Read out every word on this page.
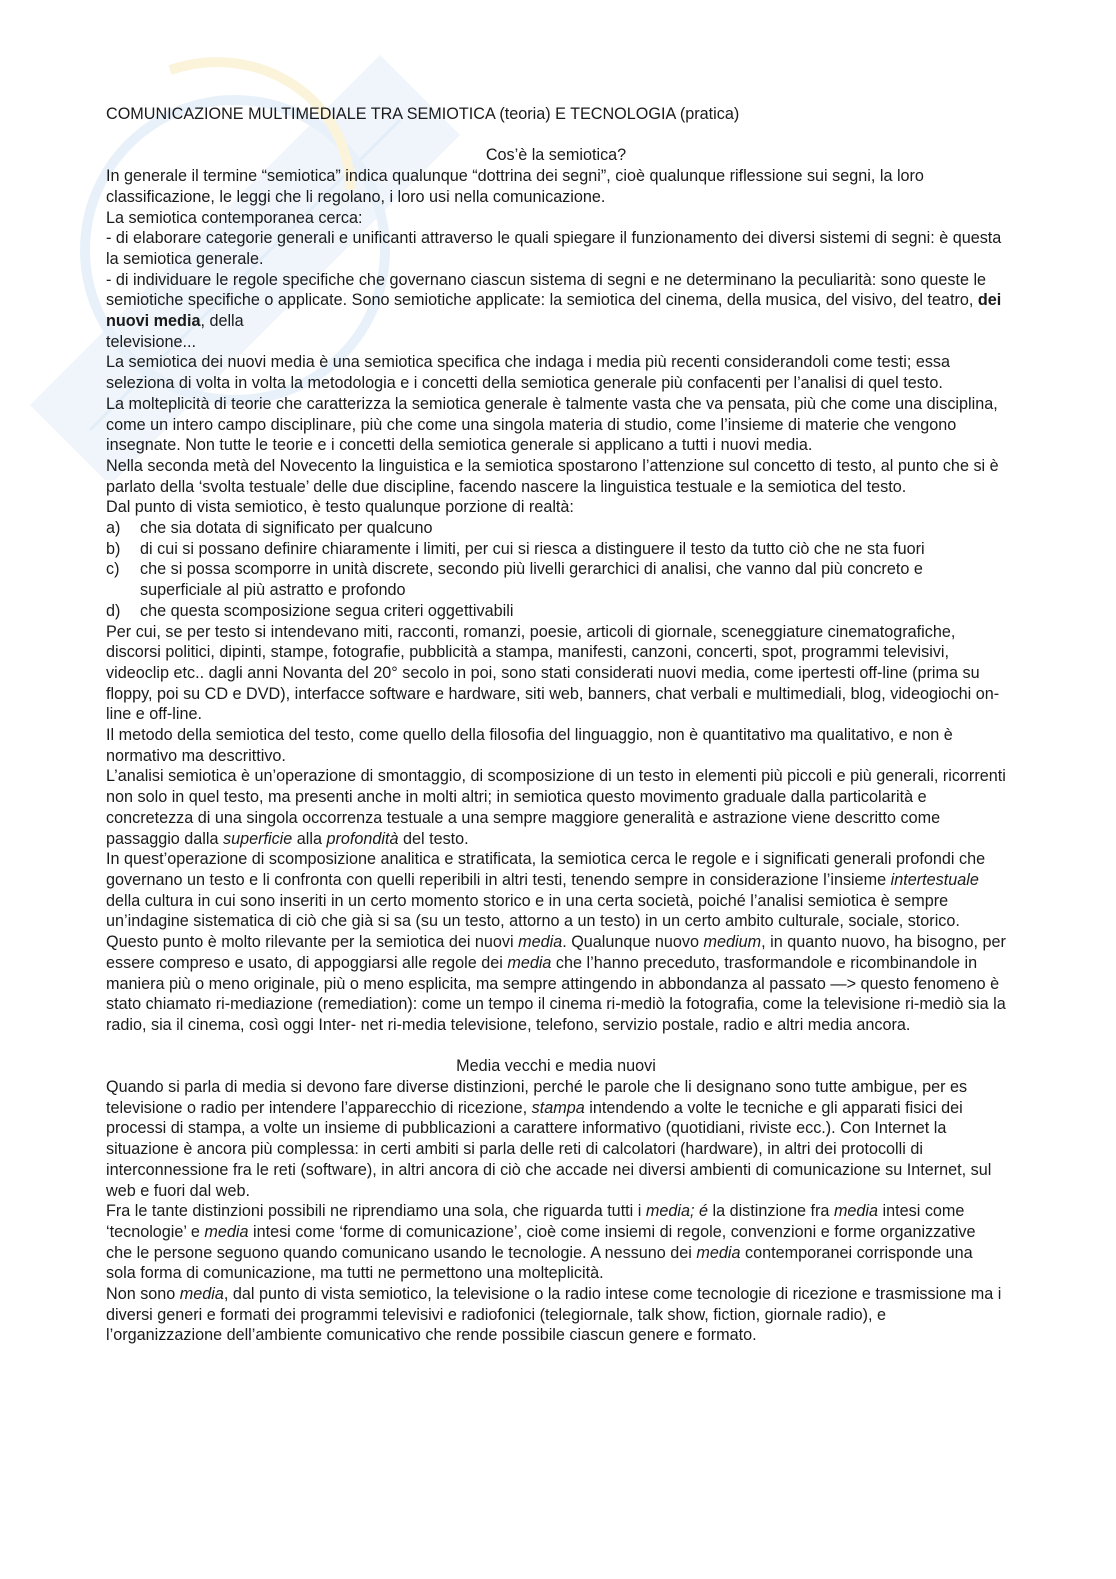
COMUNICAZIONE MULTIMEDIALE TRA SEMIOTICA (teoria) E TECNOLOGIA (pratica)

Cos’è la semiotica?

In generale il termine “semiotica” indica qualunque “dottrina dei segni”, cioè qualunque riflessione sui segni, la loro classificazione, le leggi che li regolano, i loro usi nella comunicazione.

La semiotica contemporanea cerca:

- di elaborare categorie generali e unificanti attraverso le quali spiegare il funzionamento dei diversi sistemi di segni: è questa la semiotica generale.

- di individuare le regole specifiche che governano ciascun sistema di segni e ne determinano la peculiarità: sono queste le semiotiche specifiche o applicate. Sono semiotiche applicate: la semiotica del cinema, della musica, del visivo, del teatro, dei nuovi media, della

televisione...

La semiotica dei nuovi media è una semiotica specifica che indaga i media più recenti considerandoli come testi; essa seleziona di volta in volta la metodologia e i concetti della semiotica generale più confacenti per l’analisi di quel testo.

La molteplicità di teorie che caratterizza la semiotica generale è talmente vasta che va pensata, più che come una disciplina, come un intero campo disciplinare, più che come una singola materia di studio, come l’insieme di materie che vengono insegnate. Non tutte le teorie e i concetti della semiotica generale si applicano a tutti i nuovi media.

Nella seconda metà del Novecento la linguistica e la semiotica spostarono l’attenzione sul concetto di testo, al punto che si è parlato della ‘svolta testuale’ delle due discipline, facendo nascere la linguistica testuale e la semiotica del testo.

Dal punto di vista semiotico, è testo qualunque porzione di realtà:

a) che sia dotata di significato per qualcuno
b) di cui si possano definire chiaramente i limiti, per cui si riesca a distinguere il testo da tutto ciò che ne sta fuori
c) che si possa scomporre in unità discrete, secondo più livelli gerarchici di analisi, che vanno dal più concreto e superficiale al più astratto e profondo
d) che questa scomposizione segua criteri oggettivabili

Per cui, se per testo si intendevano miti, racconti, romanzi, poesie, articoli di giornale, sceneggiature cinematografiche, discorsi politici, dipinti, stampe, fotografie, pubblicità a stampa, manifesti, canzoni, concerti, spot, programmi televisivi, videoclip etc.. dagli anni Novanta del 20° secolo in poi, sono stati considerati nuovi media, come ipertesti off-line (prima su floppy, poi su CD e DVD), interfacce software e hardware, siti web, banners, chat verbali e multimediali, blog, videogiochi on-line e off-line.

Il metodo della semiotica del testo, come quello della filosofia del linguaggio, non è quantitativo ma qualitativo, e non è normativo ma descrittivo.

L’analisi semiotica è un’operazione di smontaggio, di scomposizione di un testo in elementi più piccoli e più generali, ricorrenti non solo in quel testo, ma presenti anche in molti altri; in semiotica questo movimento graduale dalla particolarità e concretezza di una singola occorrenza testuale a una sempre maggiore generalità e astrazione viene descritto come passaggio dalla superficie alla profondità del testo.

In quest’operazione di scomposizione analitica e stratificata, la semiotica cerca le regole e i significati generali profondi che governano un testo e li confronta con quelli reperibili in altri testi, tenendo sempre in considerazione l’insieme intertestuale della cultura in cui sono inseriti in un certo momento storico e in una certa società, poiché l’analisi semiotica è sempre un’indagine sistematica di ciò che già si sa (su un testo, attorno a un testo) in un certo ambito culturale, sociale, storico.

Questo punto è molto rilevante per la semiotica dei nuovi media. Qualunque nuovo medium, in quanto nuovo, ha bisogno, per essere compreso e usato, di appoggiarsi alle regole dei media che l’hanno preceduto, trasformandole e ricombinandole in maniera più o meno originale, più o meno esplicita, ma sempre attingendo in abbondanza al passato —> questo fenomeno è stato chiamato ri-mediazione (remediation): come un tempo il cinema ri-mediò la fotografia, come la televisione ri-mediò sia la radio, sia il cinema, così oggi Inter- net ri-media televisione, telefono, servizio postale, radio e altri media ancora.

Media vecchi e media nuovi

Quando si parla di media si devono fare diverse distinzioni, perché le parole che li designano sono tutte ambigue, per es televisione o radio per intendere l’apparecchio di ricezione, stampa intendendo a volte le tecniche e gli apparati fisici dei processi di stampa, a volte un insieme di pubblicazioni a carattere informativo (quotidiani, riviste ecc.). Con Internet la situazione è ancora più complessa: in certi ambiti si parla delle reti di calcolatori (hardware), in altri dei protocolli di interconnessione fra le reti (software), in altri ancora di ciò che accade nei diversi ambienti di comunicazione su Internet, sul web e fuori dal web.

Fra le tante distinzioni possibili ne riprendiamo una sola, che riguarda tutti i media; é la distinzione fra media intesi come ‘tecnologie’ e media intesi come ‘forme di comunicazione’, cioè come insiemi di regole, convenzioni e forme organizzative che le persone seguono quando comunicano usando le tecnologie. A nessuno dei media contemporanei corrisponde una sola forma di comunicazione, ma tutti ne permettono una molteplicità.

Non sono media, dal punto di vista semiotico, la televisione o la radio intese come tecnologie di ricezione e trasmissione ma i diversi generi e formati dei programmi televisivi e radiofonici (telegiornale, talk show, fiction, giornale radio), e l’organizzazione dell’ambiente comunicativo che rende possibile ciascun genere e formato.
